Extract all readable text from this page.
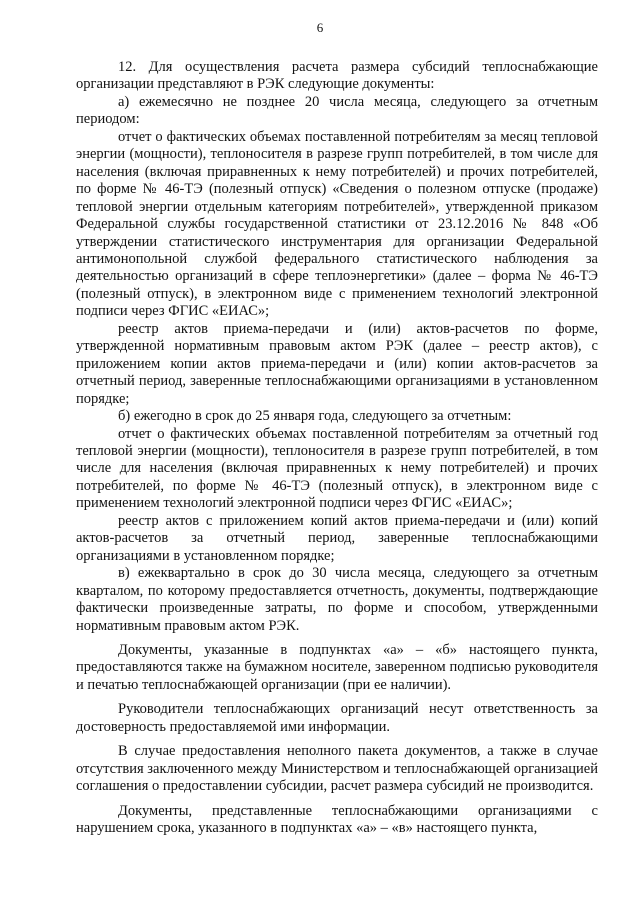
6

12. Для осуществления расчета размера субсидий теплоснабжающие организации представляют в РЭК следующие документы:

а) ежемесячно не позднее 20 числа месяца, следующего за отчетным периодом:

отчет о фактических объемах поставленной потребителям за месяц тепловой энергии (мощности), теплоносителя в разрезе групп потребителей, в том числе для населения (включая приравненных к нему потребителей) и прочих потребителей, по форме № 46-ТЭ (полезный отпуск) «Сведения о полезном отпуске (продаже) тепловой энергии отдельным категориям потребителей», утвержденной приказом Федеральной службы государственной статистики от 23.12.2016 № 848 «Об утверждении статистического инструментария для организации Федеральной антимонопольной службой федерального статистического наблюдения за деятельностью организаций в сфере теплоэнергетики» (далее – форма № 46-ТЭ (полезный отпуск), в электронном виде с применением технологий электронной подписи через ФГИС «ЕИАС»;

реестр актов приема-передачи и (или) актов-расчетов по форме, утвержденной нормативным правовым актом РЭК (далее – реестр актов), с приложением копии актов приема-передачи и (или) копии актов-расчетов за отчетный период, заверенные теплоснабжающими организациями в установленном порядке;

б) ежегодно в срок до 25 января года, следующего за отчетным:

отчет о фактических объемах поставленной потребителям за отчетный год тепловой энергии (мощности), теплоносителя в разрезе групп потребителей, в том числе для населения (включая приравненных к нему потребителей) и прочих потребителей, по форме № 46-ТЭ (полезный отпуск), в электронном виде с применением технологий электронной подписи через ФГИС «ЕИАС»;

реестр актов с приложением копий актов приема-передачи и (или) копий актов-расчетов за отчетный период, заверенные теплоснабжающими организациями в установленном порядке;

в) ежеквартально в срок до 30 числа месяца, следующего за отчетным кварталом, по которому предоставляется отчетность, документы, подтверждающие фактически произведенные затраты, по форме и способом, утвержденными нормативным правовым актом РЭК.

Документы, указанные в подпунктах «а» – «б» настоящего пункта, предоставляются также на бумажном носителе, заверенном подписью руководителя и печатью теплоснабжающей организации (при ее наличии).

Руководители теплоснабжающих организаций несут ответственность за достоверность предоставляемой ими информации.

В случае предоставления неполного пакета документов, а также в случае отсутствия заключенного между Министерством и теплоснабжающей организацией соглашения о предоставлении субсидии, расчет размера субсидий не производится.

Документы, представленные теплоснабжающими организациями с нарушением срока, указанного в подпунктах «а» – «в» настоящего пункта,
